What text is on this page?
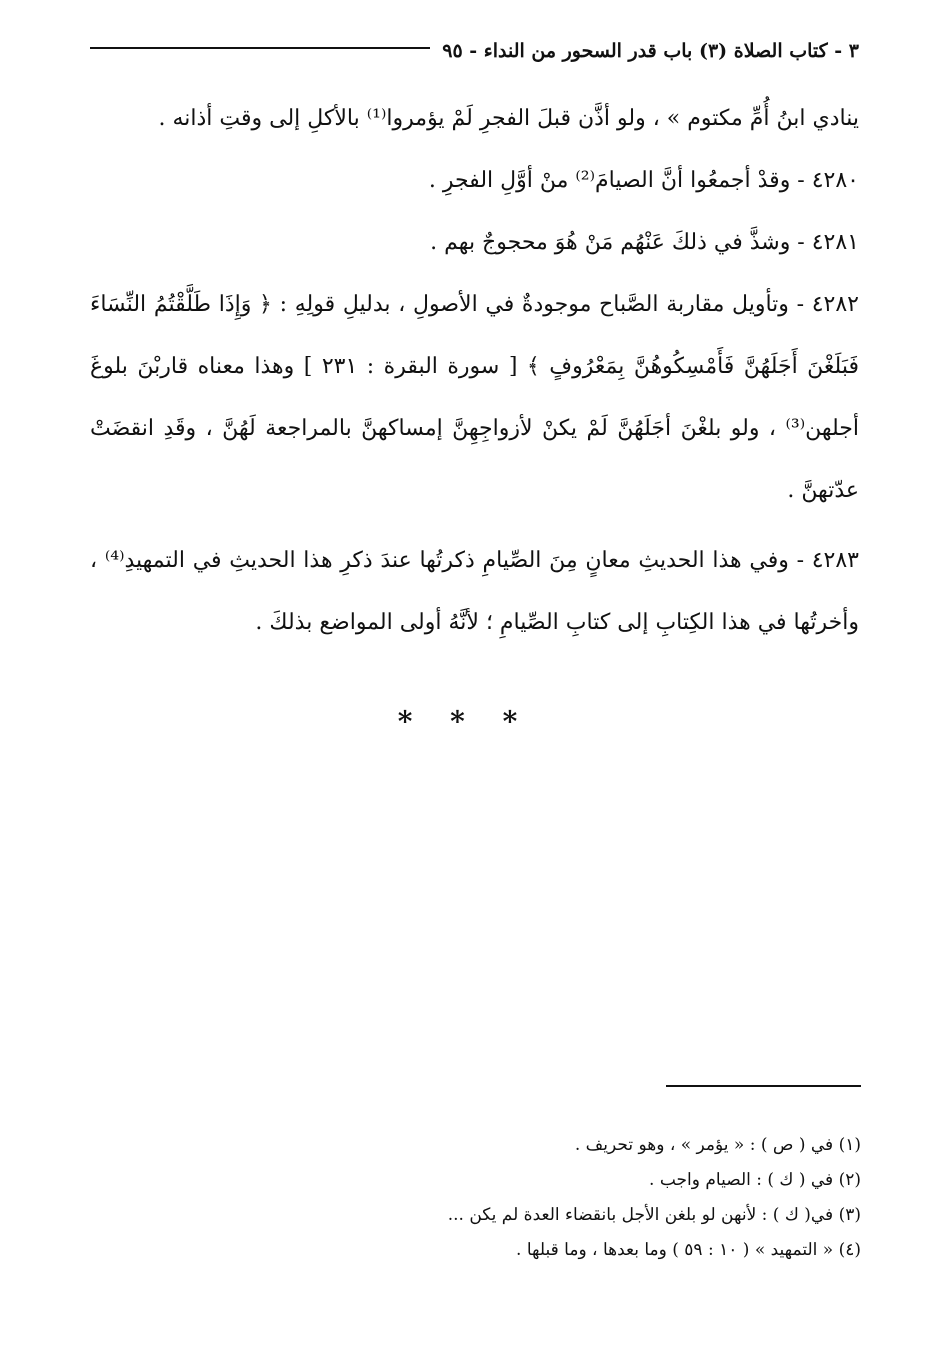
٣ - كتاب الصلاة (٣) باب قدر السحور من النداء - ٩٥

ينادي ابنُ أُمِّ مكتوم » ، ولو أذَّن قبلَ الفجرِ لَمْ يؤمروا⁽¹⁾ بالأكلِ إلى وقتِ أذانه .

٤٢٨٠ - وقدْ أجمعُوا أنَّ الصيامَ⁽²⁾ منْ أوَّلِ الفجرِ .

٤٢٨١ - وشذَّ في ذلكَ عَنْهُم مَنْ هُوَ محجوجٌ بهم .

٤٢٨٢ - وتأويل مقاربة الصَّباح موجودةٌ في الأصولِ ، بدليلِ قولِهِ : ﴿ وَإِذَا طَلَّقْتُمُ النِّسَاءَ فَبَلَغْنَ أَجَلَهُنَّ فَأَمْسِكُوهُنَّ بِمَعْرُوفٍ ﴾ [ سورة البقرة : ٢٣١ ] وهذا معناه قاربْنَ بلوغَ أجلهن⁽³⁾ ، ولو بلغْنَ أجَلَهُنَّ لَمْ يكنْ لأزواجِهِنَّ إمساكهنَّ بالمراجعة لَهُنَّ ، وقَدِ انقضَتْ عدّتهنَّ .

٤٢٨٣ - وفي هذا الحديثِ معانٍ مِنَ الصِّيامِ ذكرتُها عندَ ذكرِ هذا الحديثِ في التمهيدِ⁽⁴⁾ ، وأخرتُها في هذا الكِتابِ إلى كتابِ الصِّيامِ ؛ لأنَّهُ أولى المواضع بذلكَ .

* * *
(١) في ( ص ) : « يؤمر » ، وهو تحريف .
(٢) في ( ك ) : الصيام واجب .
(٣) في( ك ) : لأنهن لو بلغن الأجل بانقضاء العدة لم يكن ...
(٤) « التمهيد » ( ١٠ : ٥٩ ) وما بعدها ، وما قبلها .
